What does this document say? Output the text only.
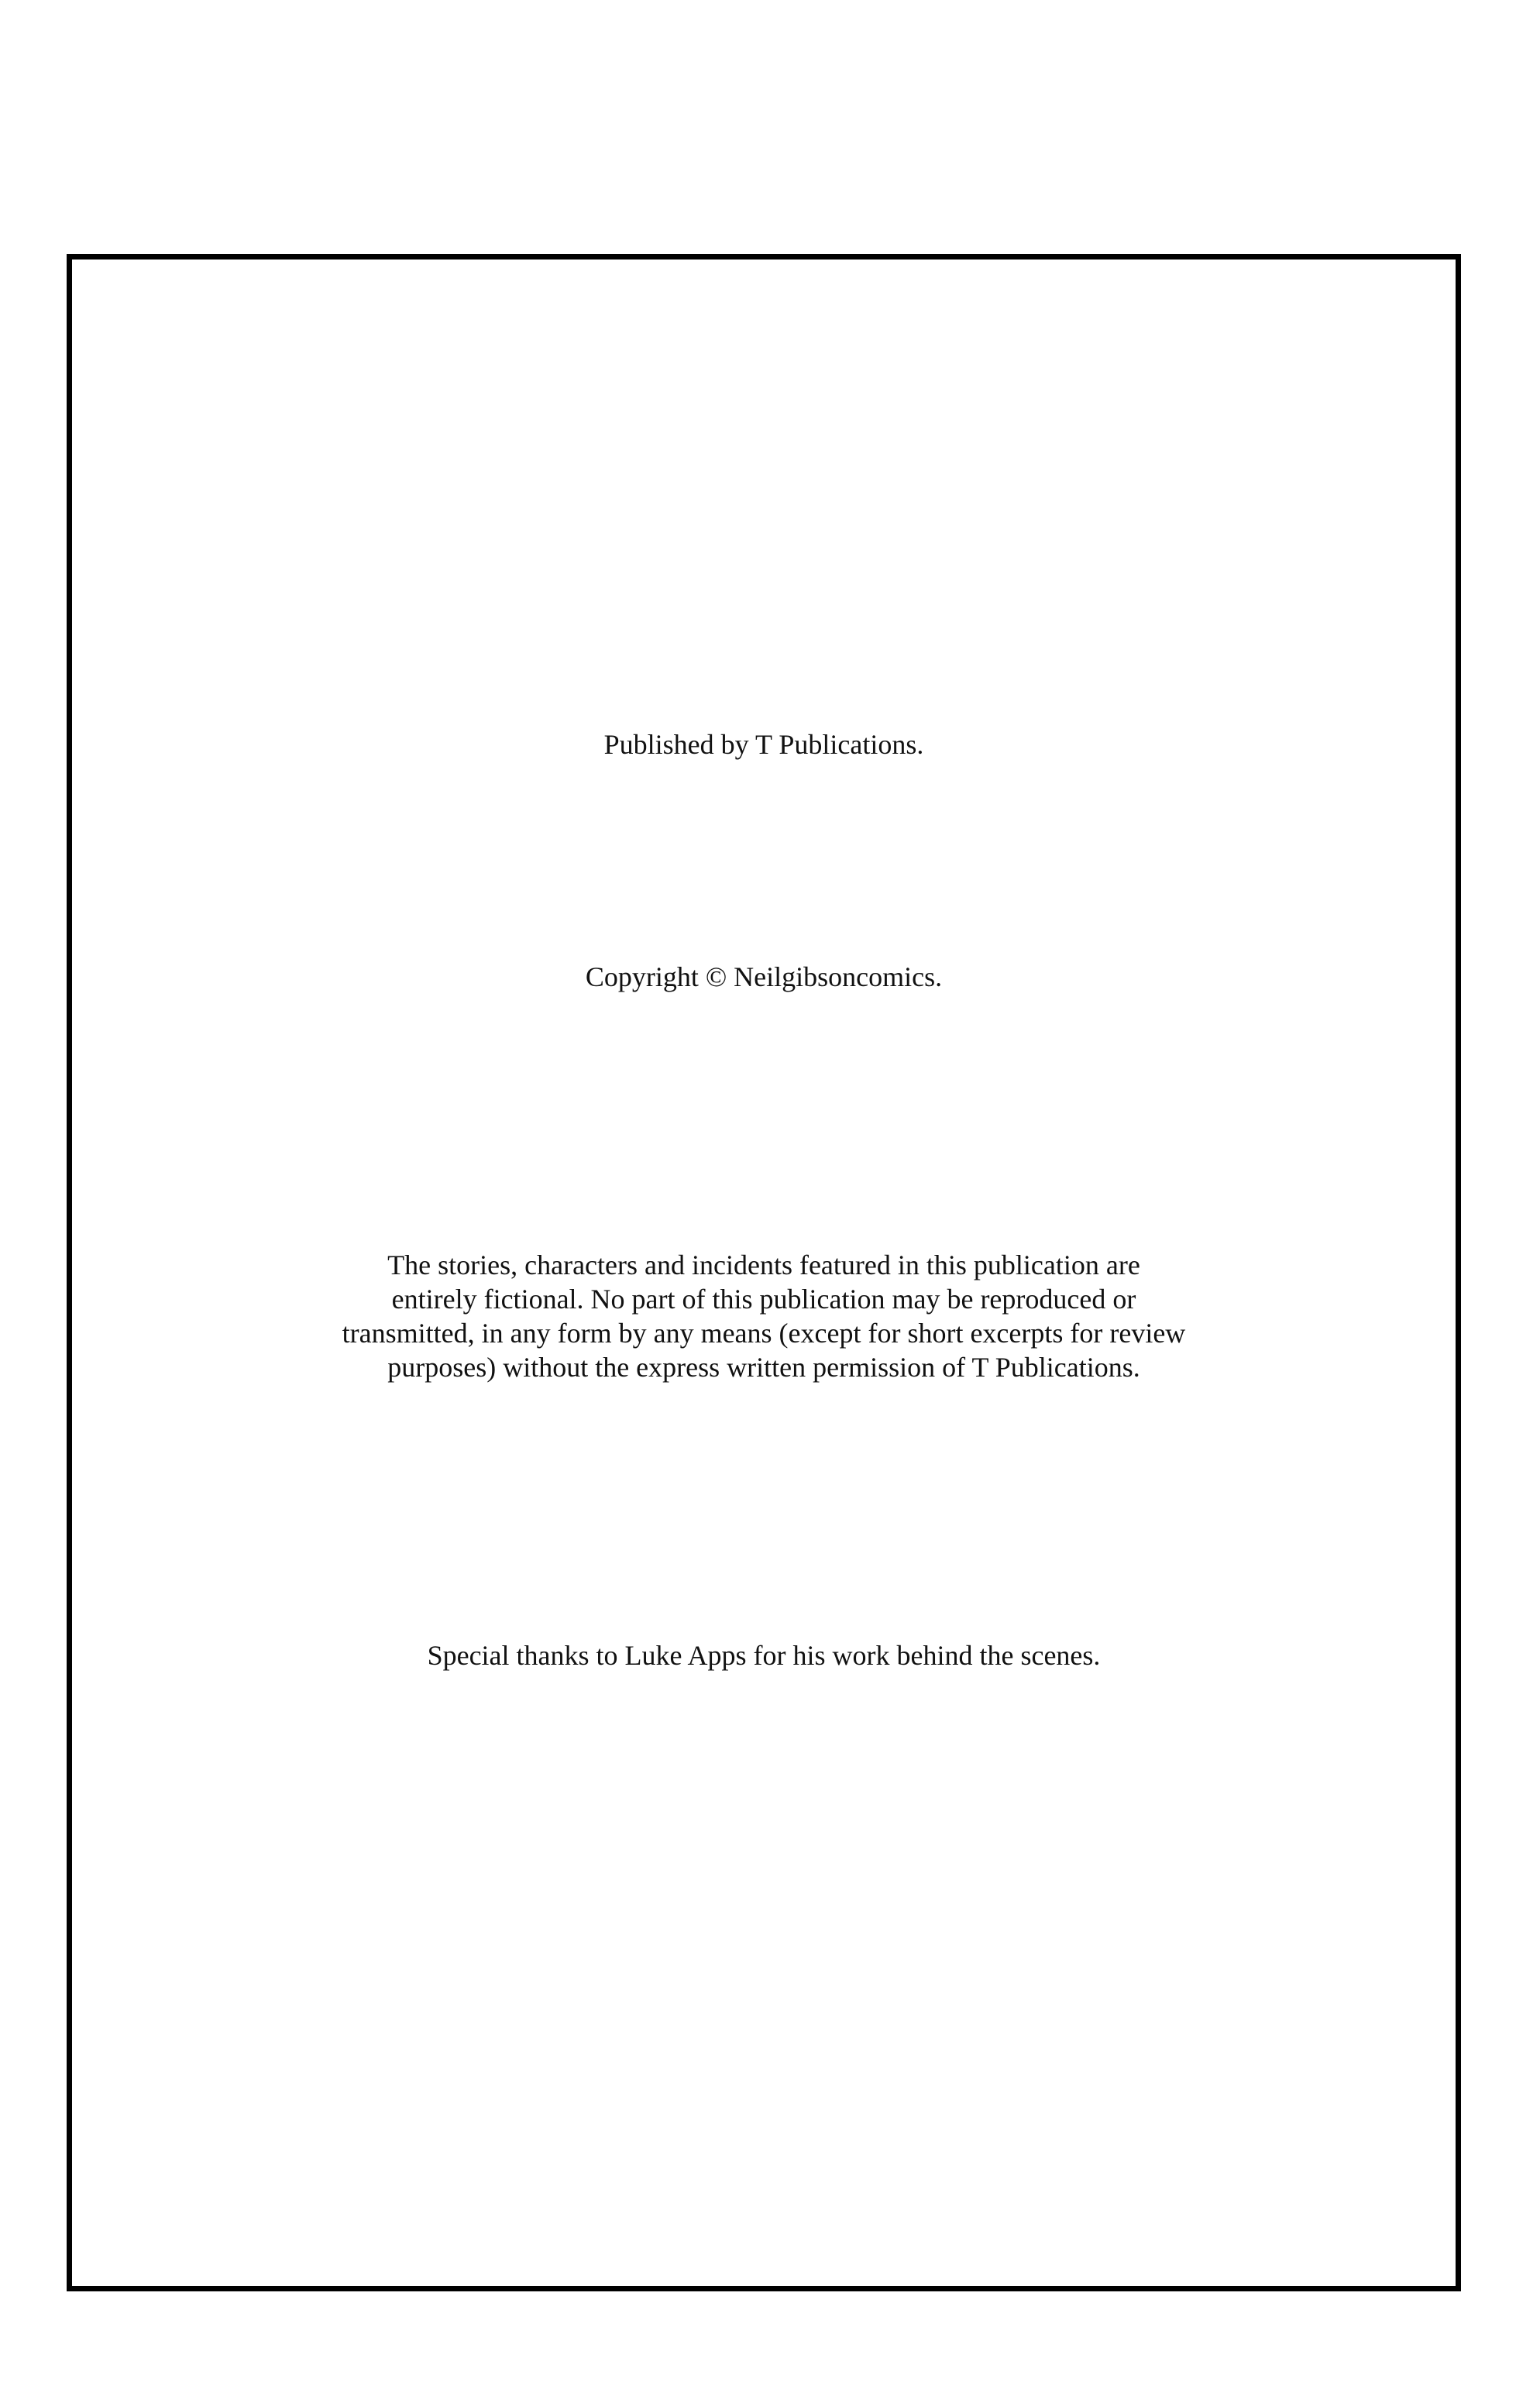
Published by T Publications.
Copyright © Neilgibsoncomics.
The stories, characters and incidents featured in this publication are
entirely fictional. No part of this publication may be reproduced or
transmitted, in any form by any means (except for short excerpts for review
purposes) without the express written permission of T Publications.
Special thanks to Luke Apps for his work behind the scenes.
